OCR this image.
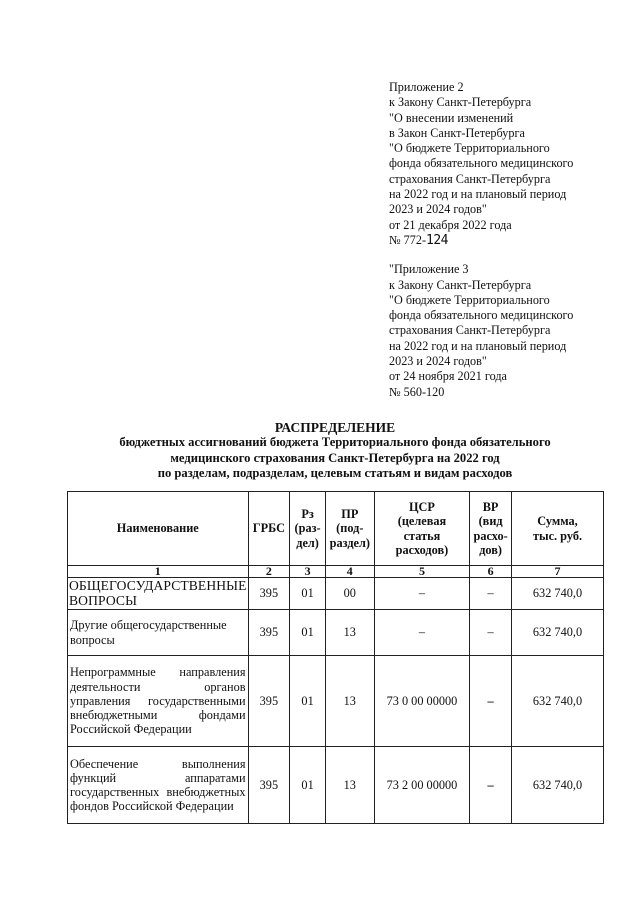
Приложение 2
к Закону Санкт-Петербурга
"О внесении изменений
в Закон Санкт-Петербурга
"О бюджете Территориального
фонда обязательного медицинского
страхования Санкт-Петербурга
на 2022 год и на плановый период
2023 и 2024 годов"
от 21 декабря 2022 года
№ 772-124
"Приложение 3
к Закону Санкт-Петербурга
"О бюджете Территориального
фонда обязательного медицинского
страхования Санкт-Петербурга
на 2022 год и на плановый период
2023 и 2024 годов"
от 24 ноября 2021 года
№ 560-120
РАСПРЕДЕЛЕНИЕ
бюджетных ассигнований бюджета Территориального фонда обязательного
медицинского страхования Санкт-Петербурга на 2022 год
по разделам, подразделам, целевым статьям и видам расходов
Наименование	ГРБС	Рз
(раз-
дел)	ПР
(под-
раздел)	ЦСР
(целевая
статья
расходов)	ВР
(вид
расхо-
дов)	Сумма,
тыс. руб.
1	2	3	4	5	6	7
ОБЩЕГОСУДАРСТВЕННЫЕ ВОПРОСЫ	395	01	00	–	–	632 740,0
Другие общегосударственные вопросы	395	01	13	–	–	632 740,0
Непрограммные направления деятельности органов управления государственными внебюджетными фондами Российской Федерации	395	01	13	73 0 00 00000	–	632 740,0
Обеспечение выполнения функций аппаратами государственных внебюджетных фондов Российской Федерации	395	01	13	73 2 00 00000	–	632 740,0
